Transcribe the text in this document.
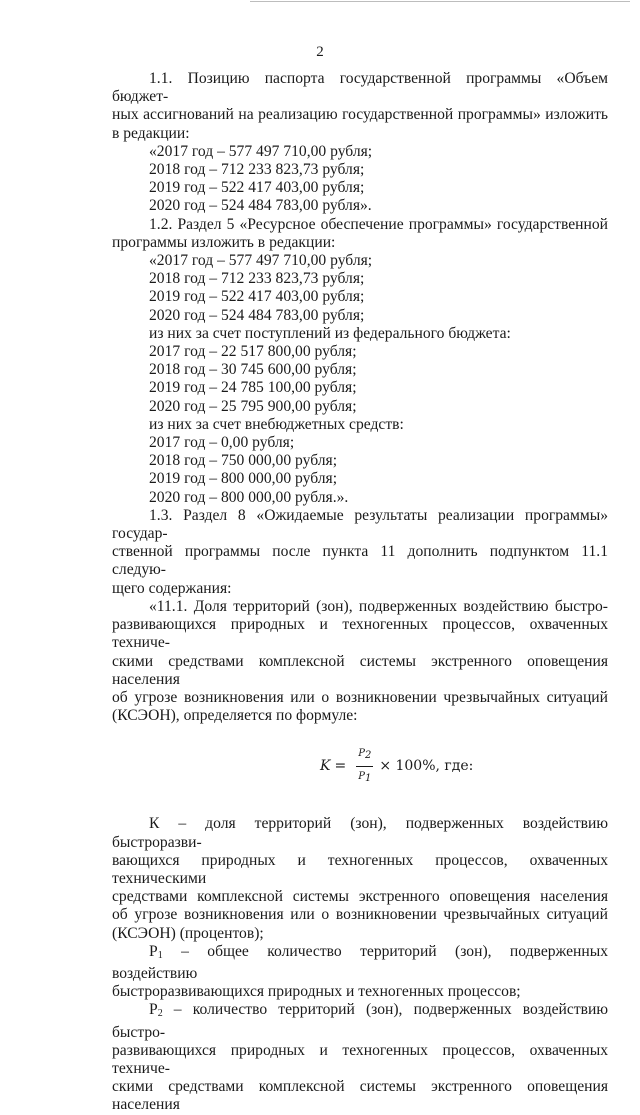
2

1.1. Позицию паспорта государственной программы «Объем бюджет-

ных ассигнований на реализацию государственной программы» изложить

в редакции:

«2017 год – 577 497 710,00 рубля;

2018 год – 712 233 823,73 рубля;

2019 год – 522 417 403,00 рубля;

2020 год – 524 484 783,00 рубля».

1.2. Раздел 5 «Ресурсное обеспечение программы» государственной

программы изложить в редакции:

«2017 год – 577 497 710,00 рубля;

2018 год – 712 233 823,73 рубля;

2019 год – 522 417 403,00 рубля;

2020 год – 524 484 783,00 рубля;

из них за счет поступлений из федерального бюджета:

2017 год – 22 517 800,00 рубля;

2018 год – 30 745 600,00 рубля;

2019 год – 24 785 100,00 рубля;

2020 год – 25 795 900,00 рубля;

из них за счет внебюджетных средств:

2017 год – 0,00 рубля;

2018 год – 750 000,00 рубля;

2019 год – 800 000,00 рубля;

2020 год – 800 000,00 рубля.».

1.3. Раздел 8 «Ожидаемые результаты реализации программы» государ-

ственной программы после пункта 11 дополнить подпунктом 11.1 следую-

щего содержания:

«11.1. Доля территорий (зон), подверженных воздействию быстро-

развивающихся природных и техногенных процессов, охваченных техниче-

скими средствами комплексной системы экстренного оповещения населения

об угрозе возникновения или о возникновении чрезвычайных ситуаций

(КСЭОН), определяется по формуле:

$K = \frac{P2}{P1} \times 100\%$, где:

К – доля территорий (зон), подверженных воздействию быстроразви-

вающихся природных и техногенных процессов, охваченных техническими

средствами комплексной системы экстренного оповещения населения

об угрозе возникновения или о возникновении чрезвычайных ситуаций

(КСЭОН) (процентов);

$Р_1$ – общее количество территорий (зон), подверженных воздействию

быстроразвивающихся природных и техногенных процессов;

$Р_2$ – количество территорий (зон), подверженных воздействию быстро-

развивающихся природных и техногенных процессов, охваченных техниче-

скими средствами комплексной системы экстренного оповещения населения
